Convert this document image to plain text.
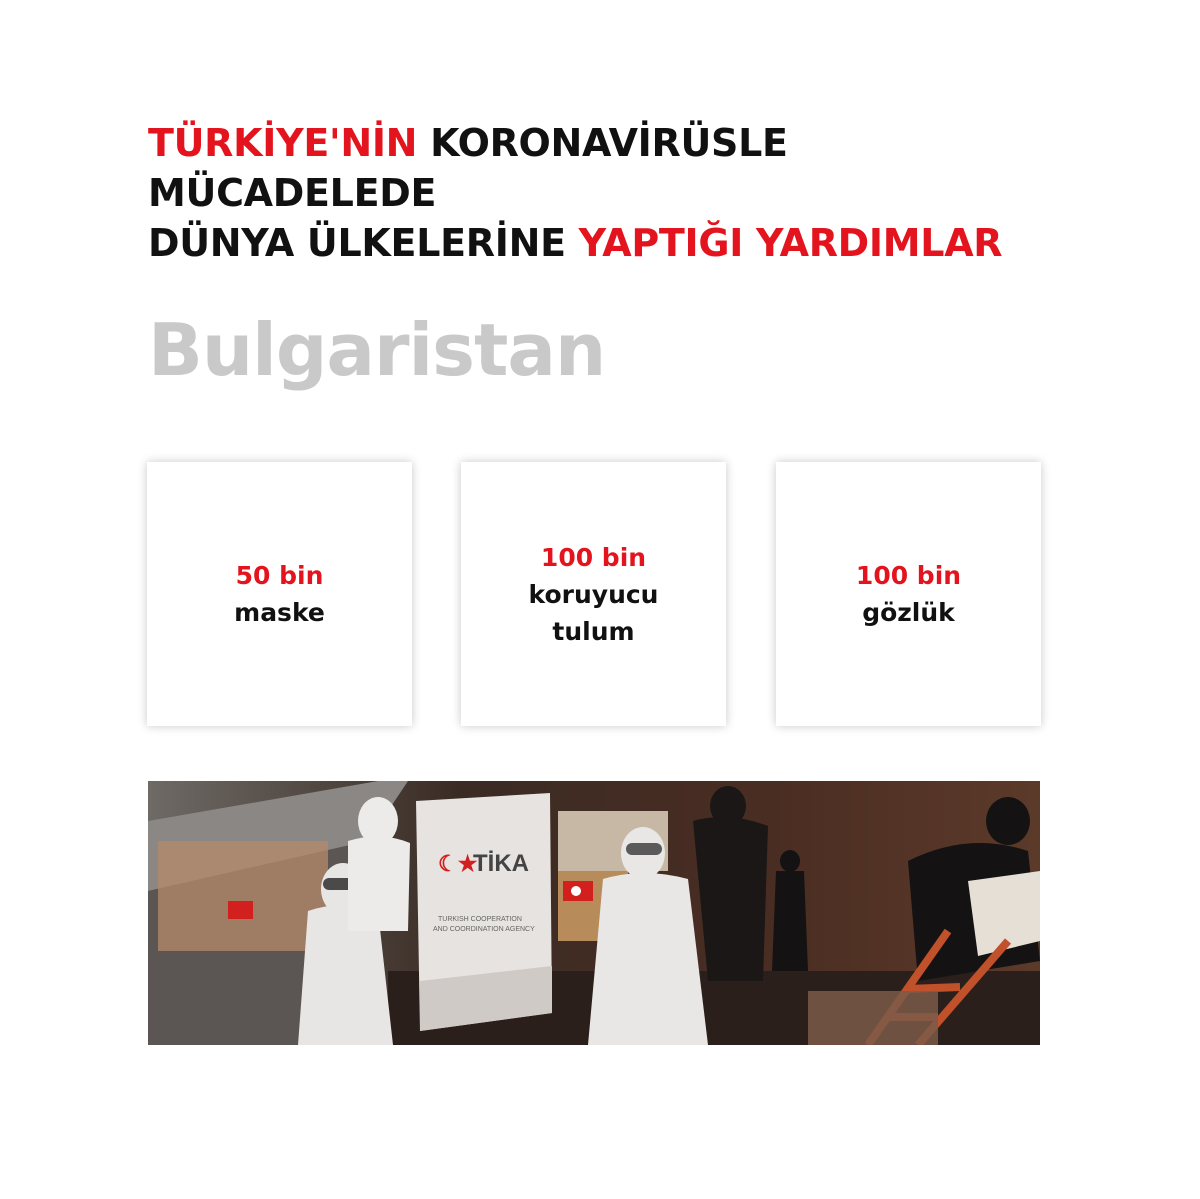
TÜRKİYE'NİN KORONAVİRÜSLE MÜCADELEDE
DÜNYA ÜLKELERİNE YAPTIĞI YARDIMLAR
Bulgaristan
50 bin
maske
100 bin
koruyucu
tulum
100 bin
gözlük
☾★
TİKA
TURKISH COOPERATION
AND COORDINATION AGENCY
